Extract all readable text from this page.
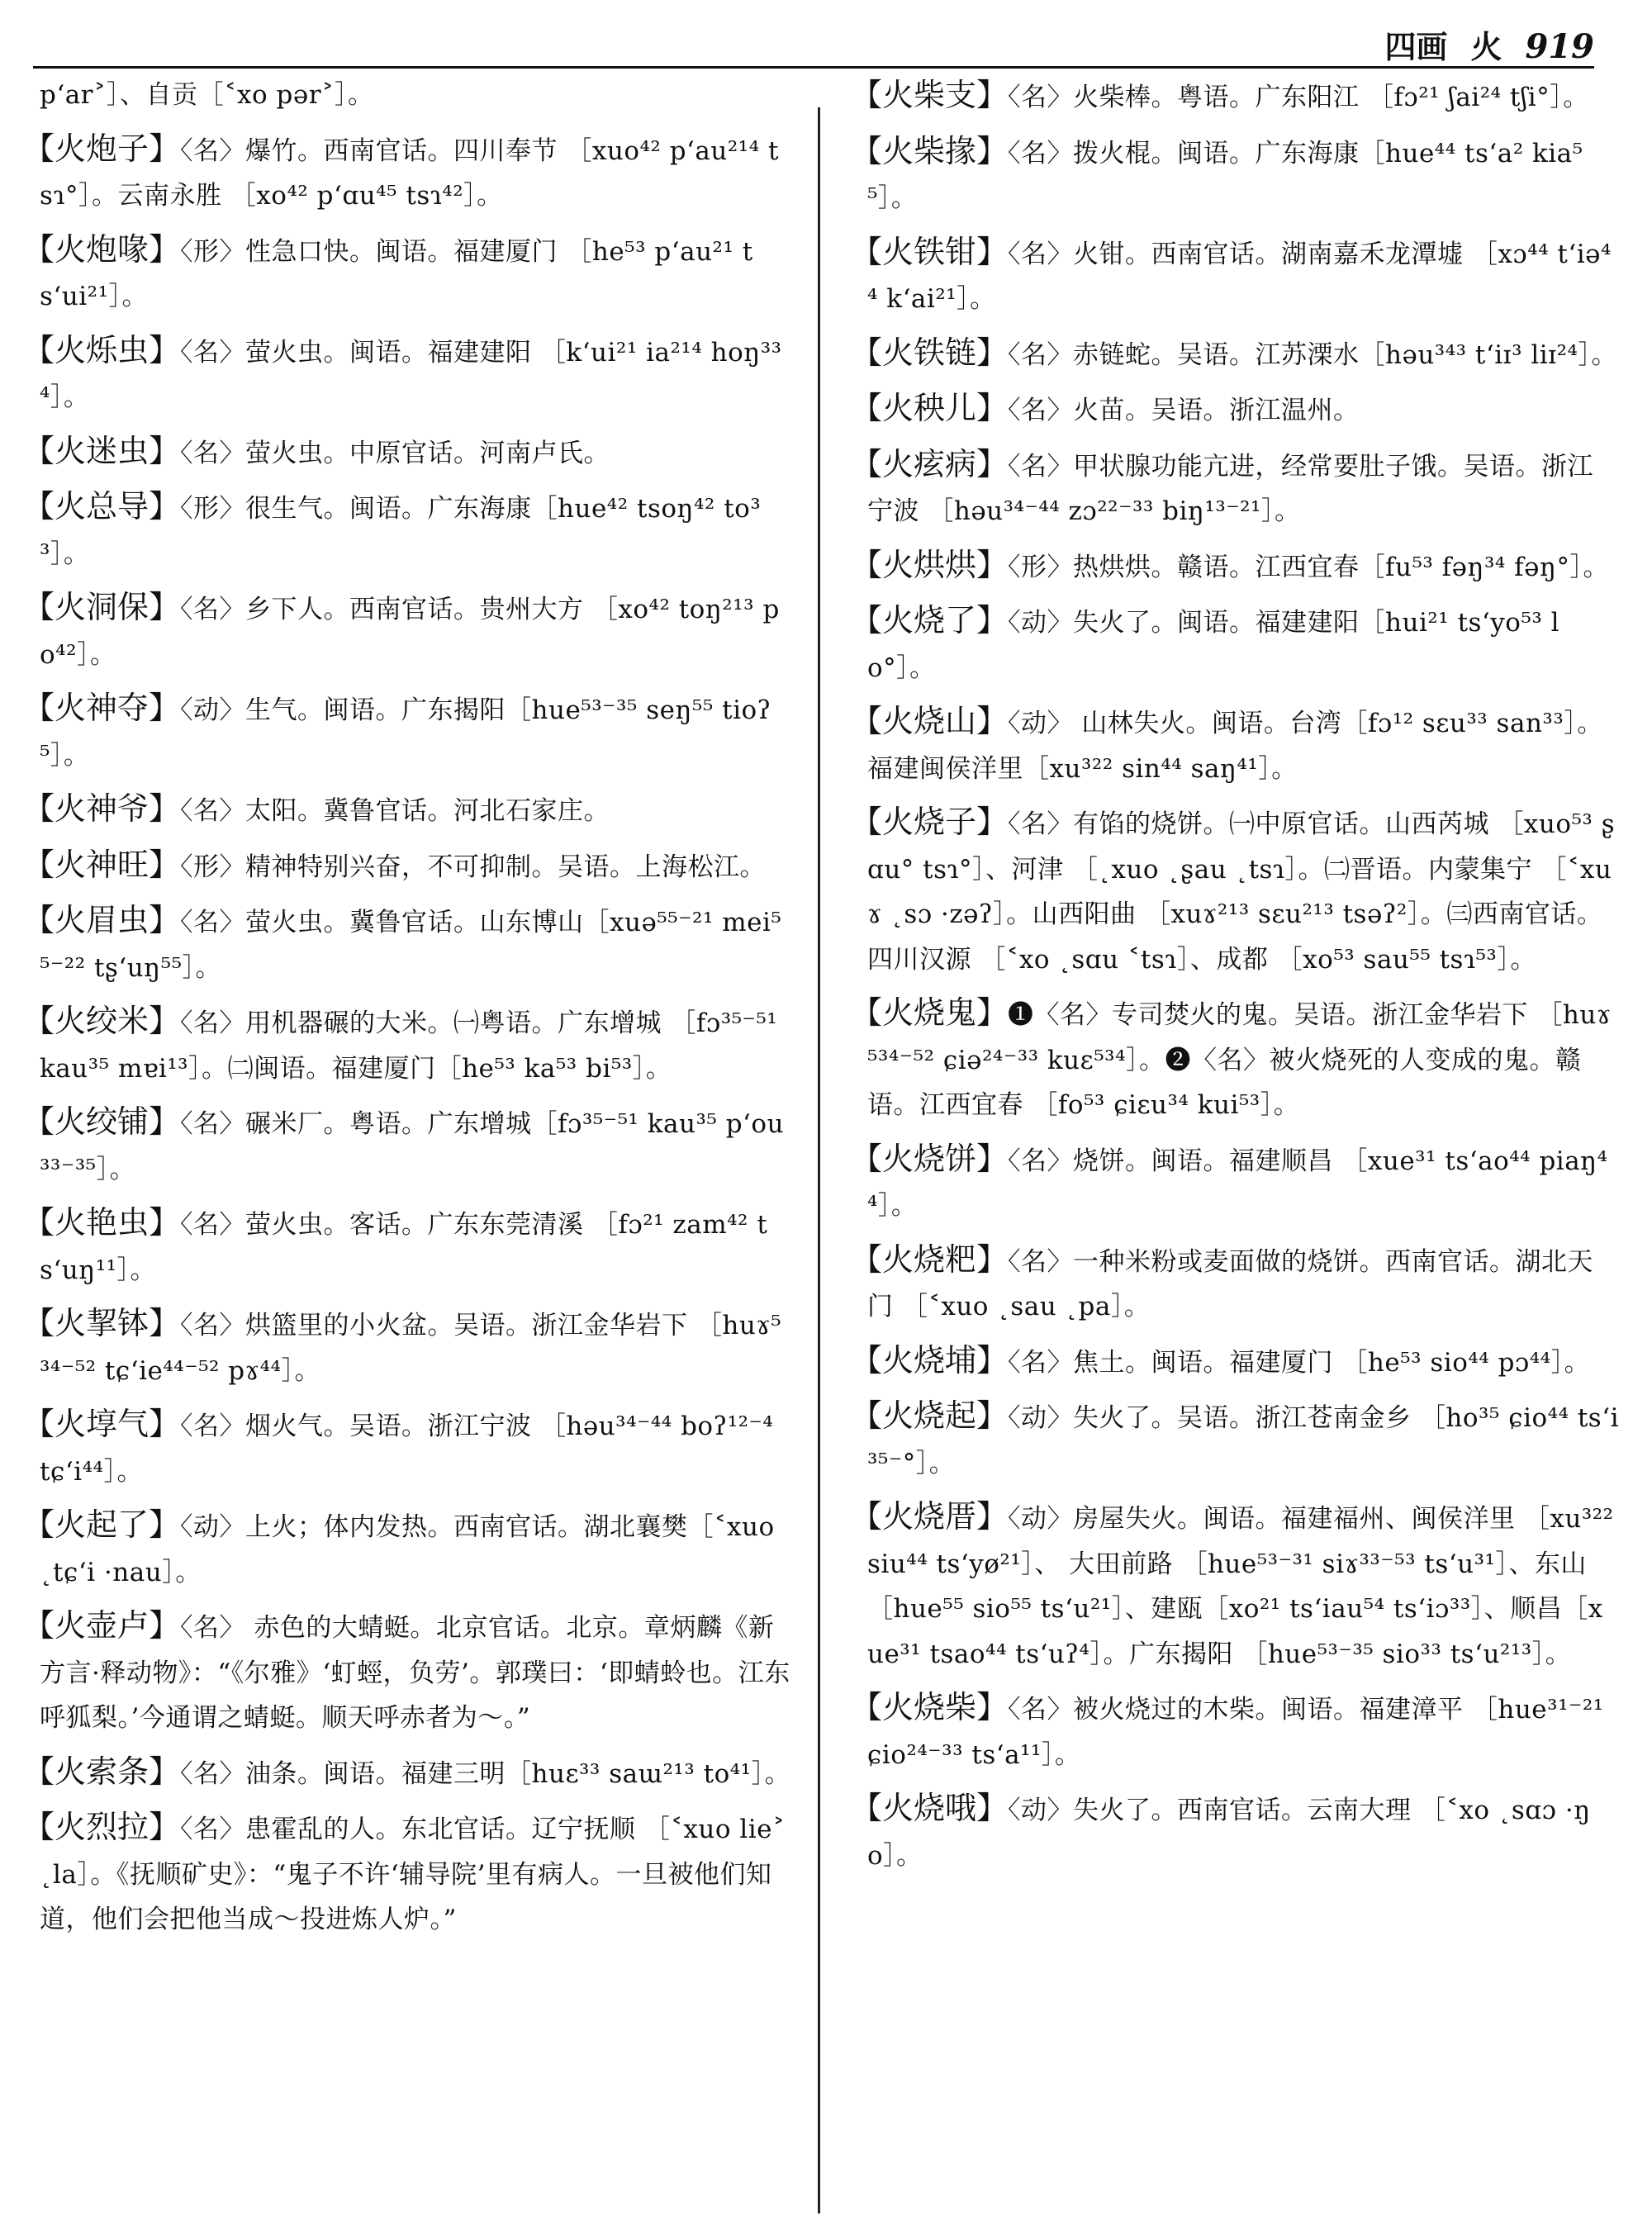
四画 火 919
p‘ar˃］、自贡［˂xo pər˃］。
【火炮子】〈名〉爆竹。西南官话。四川奉节 ［xuo⁴² p‘au²¹⁴ tsɿ°］。云南永胜 ［xo⁴² p‘ɑu⁴⁵ tsɿ⁴²］。
【火炮喙】〈形〉性急口快。闽语。福建厦门 ［he⁵³ p‘au²¹ ts‘ui²¹］。
【火烁虫】〈名〉萤火虫。闽语。福建建阳 ［k‘ui²¹ ia²¹⁴ hoŋ³³⁴］。
【火迷虫】〈名〉萤火虫。中原官话。河南卢氏。
【火总导】〈形〉很生气。闽语。广东海康［hue⁴² tsoŋ⁴² to³³］。
【火洞保】〈名〉乡下人。西南官话。贵州大方 ［xo⁴² toŋ²¹³ po⁴²］。
【火神夺】〈动〉生气。闽语。广东揭阳［hue⁵³⁻³⁵ seŋ⁵⁵ tioʔ⁵］。
【火神爷】〈名〉太阳。冀鲁官话。河北石家庄。
【火神旺】〈形〉精神特别兴奋，不可抑制。吴语。上海松江。
【火眉虫】〈名〉萤火虫。冀鲁官话。山东博山［xuə⁵⁵⁻²¹ mei⁵⁵⁻²² tʂ‘uŋ⁵⁵］。
【火绞米】〈名〉用机器碾的大米。㈠粤语。广东增城 ［fɔ³⁵⁻⁵¹ kau³⁵ mɐi¹³］。㈡闽语。福建厦门［he⁵³ ka⁵³ bi⁵³］。
【火绞铺】〈名〉碾米厂。粤语。广东增城［fɔ³⁵⁻⁵¹ kau³⁵ p‘ou³³⁻³⁵］。
【火艳虫】〈名〉萤火虫。客话。广东东莞清溪 ［fɔ²¹ zam⁴² ts‘uŋ¹¹］。
【火挈钵】〈名〉烘篮里的小火盆。吴语。浙江金华岩下 ［huɤ⁵³⁴⁻⁵² tɕ‘ie⁴⁴⁻⁵² pɤ⁴⁴］。
【火埻气】〈名〉烟火气。吴语。浙江宁波 ［həu³⁴⁻⁴⁴ boʔ¹²⁻⁴ tɕ‘i⁴⁴］。
【火起了】〈动〉上火；体内发热。西南官话。湖北襄樊［˂xuo ˛tɕ‘i ·nau］。
【火壶卢】〈名〉 赤色的大蜻蜓。北京官话。北京。章炳麟《新方言·释动物》：“《尔雅》‘虰蛵，负劳’。郭璞曰：‘即蜻蛉也。江东呼狐梨。’今通谓之蜻蜓。顺天呼赤者为～。”
【火索条】〈名〉油条。闽语。福建三明［huɛ³³ saɯ²¹³ to⁴¹］。
【火烈拉】〈名〉患霍乱的人。东北官话。辽宁抚顺 ［˂xuo lie˃ ˛la］。《抚顺矿史》：“鬼子不许‘辅导院’里有病人。一旦被他们知道，他们会把他当成～投进炼人炉。”
【火柴支】〈名〉火柴棒。粤语。广东阳江 ［fɔ²¹ ʃai²⁴ tʃi°］。
【火柴掾】〈名〉拨火棍。闽语。广东海康［hue⁴⁴ ts‘a² kia⁵⁵］。
【火铁钳】〈名〉火钳。西南官话。湖南嘉禾龙潭墟 ［xɔ⁴⁴ t‘iə⁴⁴ k‘ai²¹］。
【火铁链】〈名〉赤链蛇。吴语。江苏溧水［həu³⁴³ t‘iɪ³ liɪ²⁴］。
【火秧儿】〈名〉火苗。吴语。浙江温州。
【火痃病】〈名〉甲状腺功能亢进，经常要肚子饿。吴语。浙江宁波 ［həu³⁴⁻⁴⁴ zɔ²²⁻³³ biŋ¹³⁻²¹］。
【火烘烘】〈形〉热烘烘。赣语。江西宜春［fu⁵³ fəŋ³⁴ fəŋ°］。
【火烧了】〈动〉失火了。闽语。福建建阳［hui²¹ ts‘yo⁵³ lo°］。
【火烧山】〈动〉 山林失火。闽语。台湾［fɔ¹² sɛu³³ san³³］。福建闽侯洋里［xu³²² sin⁴⁴ saŋ⁴¹］。
【火烧子】〈名〉有馅的烧饼。㈠中原官话。山西芮城 ［xuo⁵³ ʂɑu° tsɿ°］、河津 ［˛xuo ˛ʂau ˛tsɿ］。㈡晋语。内蒙集宁 ［˂xuɤ ˛sɔ ·zəʔ］。山西阳曲 ［xuɤ²¹³ sɛu²¹³ tsəʔ²］。㈢西南官话。四川汉源 ［˂xo ˛sɑu ˂tsɿ］、成都 ［xo⁵³ sau⁵⁵ tsɿ⁵³］。
【火烧鬼】❶〈名〉专司焚火的鬼。吴语。浙江金华岩下 ［huɤ⁵³⁴⁻⁵² ɕiə²⁴⁻³³ kuɛ⁵³⁴］。❷〈名〉被火烧死的人变成的鬼。赣语。江西宜春 ［fo⁵³ ɕiɛu³⁴ kui⁵³］。
【火烧饼】〈名〉烧饼。闽语。福建顺昌 ［xue³¹ ts‘ao⁴⁴ piaŋ⁴⁴］。
【火烧粑】〈名〉一种米粉或麦面做的烧饼。西南官话。湖北天门 ［˂xuo ˛sau ˛pa］。
【火烧埔】〈名〉焦土。闽语。福建厦门 ［he⁵³ sio⁴⁴ pɔ⁴⁴］。
【火烧起】〈动〉失火了。吴语。浙江苍南金乡 ［ho³⁵ ɕio⁴⁴ ts‘i³⁵⁻°］。
【火烧厝】〈动〉房屋失火。闽语。福建福州、闽侯洋里 ［xu³²² siu⁴⁴ ts‘yø²¹］、 大田前路 ［hue⁵³⁻³¹ siɤ³³⁻⁵³ ts‘u³¹］、东山 ［hue⁵⁵ sio⁵⁵ ts‘u²¹］、建瓯［xo²¹ ts‘iau⁵⁴ ts‘iɔ³³］、顺昌［xue³¹ tsao⁴⁴ ts‘uʔ⁴］。广东揭阳 ［hue⁵³⁻³⁵ sio³³ ts‘u²¹³］。
【火烧柴】〈名〉被火烧过的木柴。闽语。福建漳平 ［hue³¹⁻²¹ ɕio²⁴⁻³³ ts‘a¹¹］。
【火烧哦】〈动〉失火了。西南官话。云南大理 ［˂xo ˛sɑɔ ·ŋo］。
